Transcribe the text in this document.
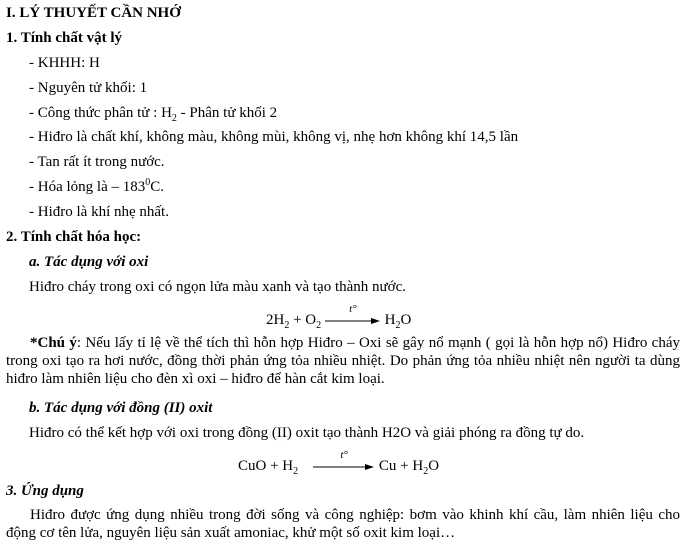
I. LÝ THUYẾT CẦN NHỚ
1. Tính chất vật lý
- KHHH: H
- Nguyên tử khối: 1
- Công thức phân tử : $H_2$ - Phân tử khối 2
- Hiđro là chất khí, không màu, không mùi, không vị, nhẹ hơn không khí 14,5 lần
- Tan rất ít trong nước.
- Hóa lỏng là – $183^0C$.
- Hiđro là khí nhẹ nhất.
2. Tính chất hóa học:
a. Tác dụng với oxi
Hiđro cháy trong oxi có ngọn lửa màu xanh và tạo thành nước.
$2H_2 + O_2$
t°
$H_2O$
*Chú ý: Nếu lấy tỉ lệ về thể tích thì hỗn hợp Hiđro – Oxi sẽ gây nổ mạnh ( gọi là hỗn hợp nổ) Hiđro cháy trong oxi tạo ra hơi nước, đồng thời phản ứng tỏa nhiều nhiệt. Do phản ứng tỏa nhiều nhiệt nên người ta dùng hiđro làm nhiên liệu cho đèn xì oxi – hiđro để hàn cắt kim loại.
b. Tác dụng với đồng (II) oxit
Hiđro có thể kết hợp với oxi trong đồng (II) oxit tạo thành H2O và giải phóng ra đồng tự do.
CuO + $H_2$
t°
$Cu + H_2O$
3. Ứng dụng
Hiđro được ứng dụng nhiều trong đời sống và công nghiệp: bơm vào khinh khí cầu, làm nhiên liệu cho động cơ tên lửa, nguyên liệu sản xuất amoniac, khử một số oxit kim loại…
